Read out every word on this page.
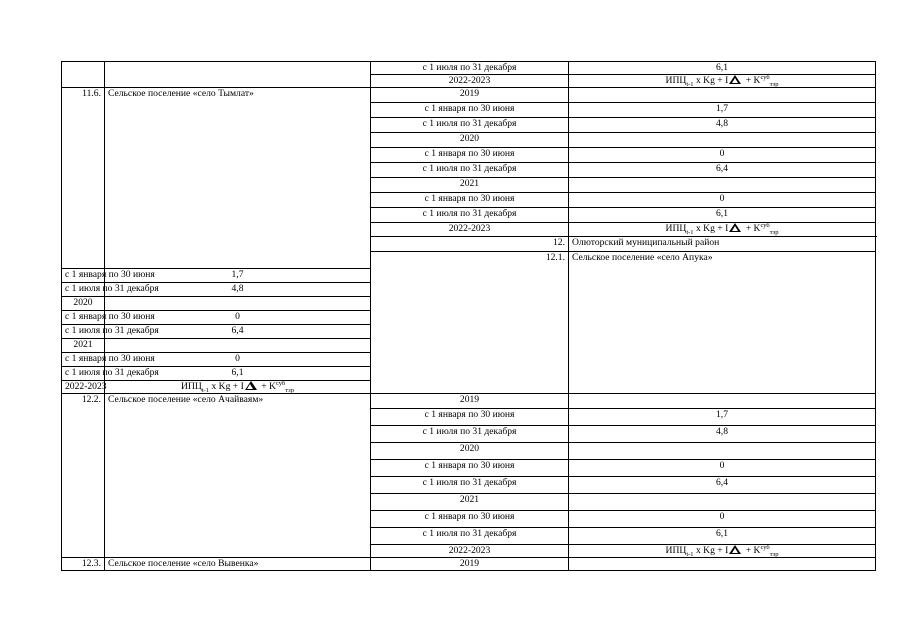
		с 1 июля по 31 декабря	6,1	
		2022-2023	$ИПЦ_{t-1}$ x $Kg + I + K^{суб}_{тзр}$
11.6.	Сельское поселение «село Тымлат»	2019		
		с 1 января по 30 июня	1,7	
		с 1 июля по 31 декабря	4,8	
		2020		
		с 1 января по 30 июня	0	
		с 1 июля по 31 декабря	6,4	
		2021		
		с 1 января по 30 июня	0	
		с 1 июля по 31 декабря	6,1	
		2022-2023	$ИПЦ_{t-1}$ x $Kg + I + K^{суб}_{тзр}$
		12.	Олюторский муниципальный район	
		12.1.	Сельское поселение «село Апука»		
с 1 января по 30 июня	1,7			
с 1 июля по 31 декабря	4,8			
2020				
с 1 января по 30 июня	0			
с 1 июля по 31 декабря	6,4			
2021				
с 1 января по 30 июня	0			
с 1 июля по 31 декабря	6,1			
2022-2023	$ИПЦ_{t-1}$ x $Kg + I + K^{суб}_{тзр}$
12.2.	Сельское поселение «село Ачайваям»	2019		
		с 1 января по 30 июня	1,7	
		с 1 июля по 31 декабря	4,8	
		2020		
		с 1 января по 30 июня	0	
		с 1 июля по 31 декабря	6,4	
		2021		
		с 1 января по 30 июня	0	
		с 1 июля по 31 декабря	6,1	
		2022-2023	$ИПЦ_{t-1}$ x $Kg + I + K^{суб}_{тзр}$
12.3.	Сельское поселение «село Вывенка»	2019		
